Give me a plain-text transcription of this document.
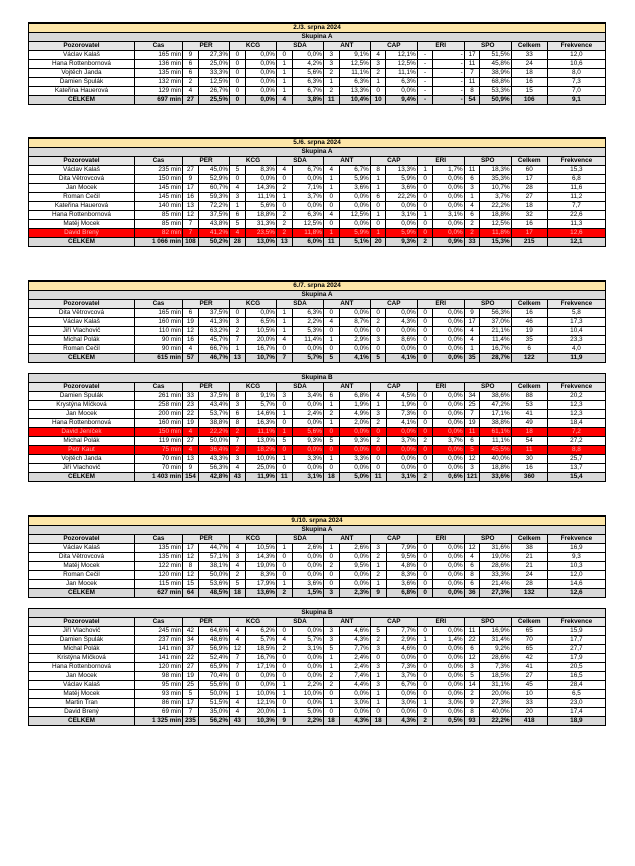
2./3. srpna 2024																	
Skupina A																	
Pozorovatel	Čas	PER		KCG		SDA		ANT		CAP		ERI		SPO		Celkem	Frekvence
Václav Kalaš	165 min	9	27,3%	0	0,0%	0	0,0%	3	9,1%	4	12,1%	-	-	17	51,5%	33	12,0
Hana Rottenbornová	136 min	6	25,0%	0	0,0%	1	4,2%	3	12,5%	3	12,5%	-	-	11	45,8%	24	10,6
Vojtěch Janda	135 min	6	33,3%	0	0,0%	1	5,6%	2	11,1%	2	11,1%	-	-	7	38,9%	18	8,0
Damien Špulák	132 min	2	12,5%	0	0,0%	1	6,3%	1	6,3%	1	6,3%	-	-	11	68,8%	16	7,3
Kateřina Hauerová	129 min	4	26,7%	0	0,0%	1	6,7%	2	13,3%	0	0,0%	-	-	8	53,3%	15	7,0
CELKEM	697 min	27	25,5%	0	0,0%	4	3,8%	11	10,4%	10	9,4%	-	-	54	50,9%	106	9,1
5./6. srpna 2024																	
Skupina A																	
Pozorovatel	Čas	PER		KCG		SDA		ANT		CAP		ERI		SPO		Celkem	Frekvence
Václav Kalaš	235 min	27	45,0%	5	8,3%	4	6,7%	4	6,7%	8	13,3%	1	1,7%	11	18,3%	60	15,3
Dita Větrovcová	150 min	9	52,9%	0	0,0%	0	0,0%	1	5,9%	1	5,9%	0	0,0%	6	35,3%	17	6,8
Jan Mocek	145 min	17	60,7%	4	14,3%	2	7,1%	1	3,6%	1	3,6%	0	0,0%	3	10,7%	28	11,6
Roman Čečil	145 min	16	59,3%	3	11,1%	1	3,7%	0	0,0%	6	22,2%	0	0,0%	1	3,7%	27	11,2
Kateřina Hauerová	140 min	13	72,2%	1	5,6%	0	0,0%	0	0,0%	0	0,0%	0	0,0%	4	22,2%	18	7,7
Hana Rottenbornová	85 min	12	37,5%	6	18,8%	2	6,3%	4	12,5%	1	3,1%	1	3,1%	6	18,8%	32	22,6
Matěj Mocek	85 min	7	43,8%	5	31,3%	2	12,5%	0	0,0%	0	0,0%	0	0,0%	2	12,5%	16	11,3
David Brený	82 min	7	41,2%	4	23,5%	2	11,8%	1	5,9%	1	5,9%	0	0,0%	2	11,8%	17	12,6
CELKEM	1 066 min	108	50,2%	28	13,0%	13	6,0%	11	5,1%	20	9,3%	2	0,9%	33	15,3%	215	12,1
6./7. srpna 2024																	
Skupina A																	
Pozorovatel	Čas	PER		KCG		SDA		ANT		CAP		ERI		SPO		Celkem	Frekvence
Dita Větrovcová	165 min	6	37,5%	0	0,0%	1	6,3%	0	0,0%	0	0,0%	0	0,0%	9	56,3%	16	5,8
Václav Kalaš	160 min	19	41,3%	3	6,5%	1	2,2%	4	8,7%	2	4,3%	0	0,0%	17	37,0%	46	17,3
Jiří Vlachovič	110 min	12	63,2%	2	10,5%	1	5,3%	0	0,0%	0	0,0%	0	0,0%	4	21,1%	19	10,4
Michal Polák	90 min	16	45,7%	7	20,0%	4	11,4%	1	2,9%	3	8,6%	0	0,0%	4	11,4%	35	23,3
Roman Čečil	90 min	4	66,7%	1	16,7%	0	0,0%	0	0,0%	0	0,0%	0	0,0%	1	16,7%	6	4,0
CELKEM	615 min	57	46,7%	13	10,7%	7	5,7%	5	4,1%	5	4,1%	0	0,0%	35	28,7%	122	11,9
Skupina B																	
Pozorovatel	Čas	PER		KCG		SDA		ANT		CAP		ERI		SPO		Celkem	Frekvence
Damien Špulák	261 min	33	37,5%	8	9,1%	3	3,4%	6	6,8%	4	4,5%	0	0,0%	34	38,6%	88	20,2
Krystýna Míčková	258 min	23	43,4%	3	5,7%	0	0,0%	1	1,9%	1	1,9%	0	0,0%	25	47,2%	53	12,3
Jan Mocek	200 min	22	53,7%	6	14,6%	1	2,4%	2	4,9%	3	7,3%	0	0,0%	7	17,1%	41	12,3
Hana Rottenbornová	160 min	19	38,8%	8	16,3%	0	0,0%	1	2,0%	2	4,1%	0	0,0%	19	38,8%	49	18,4
David Jeníček	150 min	4	22,2%	2	11,1%	1	5,6%	0	0,0%	0	0,0%	0	0,0%	11	61,1%	18	7,2
Michal Polák	119 min	27	50,0%	7	13,0%	5	9,3%	5	9,3%	2	3,7%	2	3,7%	6	11,1%	54	27,2
Petr Kaut	75 min	4	36,4%	2	18,2%	0	0,0%	0	0,0%	0	0,0%	0	0,0%	5	45,5%	11	8,8
Vojtěch Janda	70 min	13	43,3%	3	10,0%	1	3,3%	1	3,3%	0	0,0%	0	0,0%	12	40,0%	30	25,7
Jiří Vlachovič	70 min	9	56,3%	4	25,0%	0	0,0%	0	0,0%	0	0,0%	0	0,0%	3	18,8%	16	13,7
CELKEM	1 403 min	154	42,8%	43	11,9%	11	3,1%	18	5,0%	11	3,1%	2	0,6%	121	33,6%	360	15,4
9./10. srpna 2024																	
Skupina A																	
Pozorovatel	Čas	PER		KCG		SDA		ANT		CAP		ERI		SPO		Celkem	Frekvence
Václav Kalaš	135 min	17	44,7%	4	10,5%	1	2,6%	1	2,6%	3	7,9%	0	0,0%	12	31,6%	38	16,9
Dita Větrovcová	135 min	12	57,1%	3	14,3%	0	0,0%	0	0,0%	2	9,5%	0	0,0%	4	19,0%	21	9,3
Matěj Mocek	122 min	8	38,1%	4	19,0%	0	0,0%	2	9,5%	1	4,8%	0	0,0%	6	28,6%	21	10,3
Roman Čečil	120 min	12	50,0%	2	8,3%	0	0,0%	0	0,0%	2	8,3%	0	0,0%	8	33,3%	24	12,0
Jan Mocek	115 min	15	53,6%	5	17,9%	1	3,6%	0	0,0%	1	3,6%	0	0,0%	6	21,4%	28	14,6
CELKEM	627 min	64	48,5%	18	13,6%	2	1,5%	3	2,3%	9	6,8%	0	0,0%	36	27,3%	132	12,6
Skupina B																	
Pozorovatel	Čas	PER		KCG		SDA		ANT		CAP		ERI		SPO		Celkem	Frekvence
Jiří Vlachovič	245 min	42	64,6%	4	6,2%	0	0,0%	3	4,6%	5	7,7%	0	0,0%	11	16,9%	65	15,9
Damien Špulák	237 min	34	48,6%	4	5,7%	4	5,7%	3	4,3%	2	2,9%	1	1,4%	22	31,4%	70	17,7
Michal Polák	141 min	37	56,9%	12	18,5%	2	3,1%	5	7,7%	3	4,6%	0	0,0%	6	9,2%	65	27,7
Kristýna Míčková	141 min	22	52,4%	7	16,7%	0	0,0%	1	2,4%	0	0,0%	0	0,0%	12	28,6%	42	17,9
Hana Rottenbornová	120 min	27	65,9%	7	17,1%	0	0,0%	1	2,4%	3	7,3%	0	0,0%	3	7,3%	41	20,5
Jan Mocek	98 min	19	70,4%	0	0,0%	0	0,0%	2	7,4%	1	3,7%	0	0,0%	5	18,5%	27	16,5
Václav Kalaš	95 min	25	55,6%	0	0,0%	1	2,2%	2	4,4%	3	6,7%	0	0,0%	14	31,1%	45	28,4
Matěj Mocek	93 min	5	50,0%	1	10,0%	1	10,0%	0	0,0%	1	0,0%	0	0,0%	2	20,0%	10	6,5
Martin Tran	86 min	17	51,5%	4	12,1%	0	0,0%	1	3,0%	1	3,0%	1	3,0%	9	27,3%	33	23,0
David Brený	69 min	7	35,0%	4	20,0%	1	5,0%	0	0,0%	0	0,0%	0	0,0%	8	40,0%	20	17,4
CELKEM	1 325 min	235	56,2%	43	10,3%	9	2,2%	18	4,3%	18	4,3%	2	0,5%	93	22,2%	418	18,9
